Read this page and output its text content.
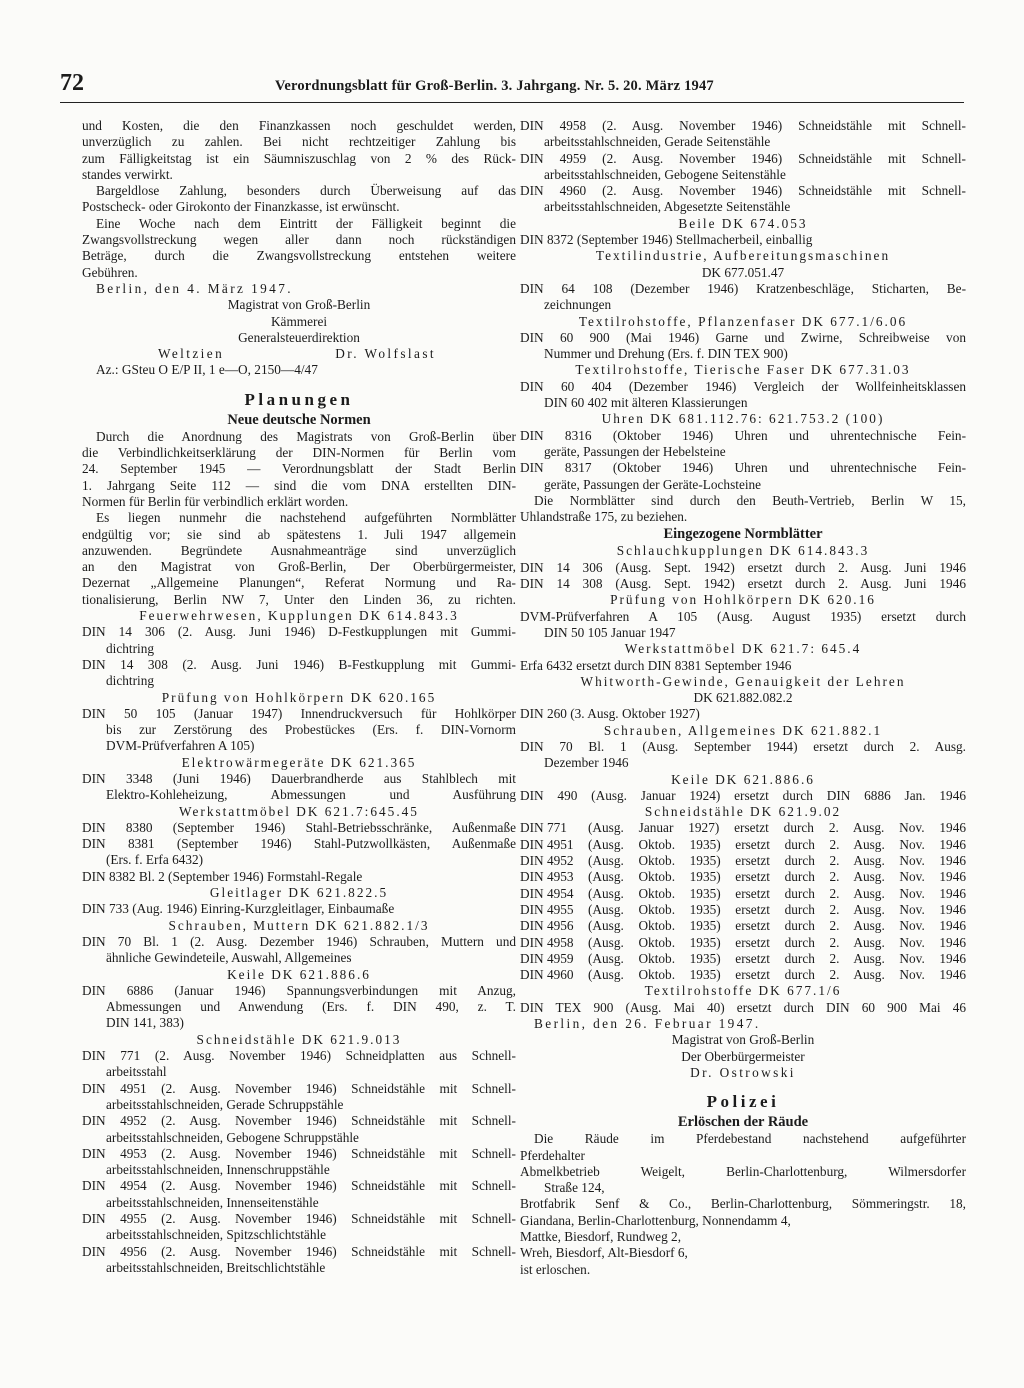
72	Verordnungsblatt für Groß-Berlin. 3. Jahrgang. Nr. 5. 20. März 1947
und Kosten, die den Finanzkassen noch geschuldet werden,
unverzüglich zu zahlen. Bei nicht rechtzeitiger Zahlung bis
zum Fälligkeitstag ist ein Säumniszuschlag von 2 % des Rück-
standes verwirkt.
Bargeldlose Zahlung, besonders durch Überweisung auf das
Postscheck- oder Girokonto der Finanzkasse, ist erwünscht.
Eine Woche nach dem Eintritt der Fälligkeit beginnt die
Zwangsvollstreckung wegen aller dann noch rückständigen
Beträge, durch die Zwangsvollstreckung entstehen weitere
Gebühren.
Berlin, den 4. März 1947.
Magistrat von Groß-Berlin
Kämmerei
Generalsteuerdirektion
Weltzien	Dr. Wolfslast
Az.: GSteu O E/P II, 1 e—O, 2150—4/47
Planungen
Neue deutsche Normen
Durch die Anordnung des Magistrats von Groß-Berlin über
die Verbindlichkeitserklärung der DIN-Normen für Berlin vom
24. September 1945 — Verordnungsblatt der Stadt Berlin
1. Jahrgang Seite 112 — sind die vom DNA erstellten DIN-
Normen für Berlin für verbindlich erklärt worden.
Es liegen nunmehr die nachstehend aufgeführten Normblätter
endgültig vor; sie sind ab spätestens 1. Juli 1947 allgemein
anzuwenden. Begründete Ausnahmeanträge sind unverzüglich
an den Magistrat von Groß-Berlin, Der Oberbürgermeister,
Dezernat „Allgemeine Planungen“, Referat Normung und Ra-
tionalisierung, Berlin NW 7, Unter den Linden 36, zu richten.
Feuerwehrwesen, Kupplungen DK 614.843.3
DIN 14 306 (2. Ausg. Juni 1946) D-Festkupplungen mit Gummi-
dichtring
DIN 14 308 (2. Ausg. Juni 1946) B-Festkupplung mit Gummi-
dichtring
Prüfung von Hohlkörpern DK 620.165
DIN 50 105 (Januar 1947) Innendruckversuch für Hohlkörper
bis zur Zerstörung des Probestückes (Ers. f. DIN-Vornorm
DVM-Prüfverfahren A 105)
Elektrowärmegeräte DK 621.365
DIN 3348 (Juni 1946) Dauerbrandherde aus Stahlblech mit
Elektro-Kohleheizung, Abmessungen und Ausführung
Werkstattmöbel DK 621.7:645.45
DIN 8380 (September 1946) Stahl-Betriebsschränke, Außenmaße
DIN 8381 (September 1946) Stahl-Putzwollkästen, Außenmaße
(Ers. f. Erfa 6432)
DIN 8382 Bl. 2 (September 1946) Formstahl-Regale
Gleitlager DK 621.822.5
DIN 733 (Aug. 1946) Einring-Kurzgleitlager, Einbaumaße
Schrauben, Muttern DK 621.882.1/3
DIN 70 Bl. 1 (2. Ausg. Dezember 1946) Schrauben, Muttern und
ähnliche Gewindeteile, Auswahl, Allgemeines
Keile DK 621.886.6
DIN 6886 (Januar 1946) Spannungsverbindungen mit Anzug,
Abmessungen und Anwendung (Ers. f. DIN 490, z. T.
DIN 141, 383)
Schneidstähle DK 621.9.013
DIN 771 (2. Ausg. November 1946) Schneidplatten aus Schnell-
arbeitsstahl
DIN 4951 (2. Ausg. November 1946) Schneidstähle mit Schnell-
arbeitsstahlschneiden, Gerade Schruppstähle
DIN 4952 (2. Ausg. November 1946) Schneidstähle mit Schnell-
arbeitsstahlschneiden, Gebogene Schruppstähle
DIN 4953 (2. Ausg. November 1946) Schneidstähle mit Schnell-
arbeitsstahlschneiden, Innenschruppstähle
DIN 4954 (2. Ausg. November 1946) Schneidstähle mit Schnell-
arbeitsstahlschneiden, Innenseitenstähle
DIN 4955 (2. Ausg. November 1946) Schneidstähle mit Schnell-
arbeitsstahlschneiden, Spitzschlichtstähle
DIN 4956 (2. Ausg. November 1946) Schneidstähle mit Schnell-
arbeitsstahlschneiden, Breitschlichtstähle
DIN 4958 (2. Ausg. November 1946) Schneidstähle mit Schnell-
arbeitsstahlschneiden, Gerade Seitenstähle
DIN 4959 (2. Ausg. November 1946) Schneidstähle mit Schnell-
arbeitsstahlschneiden, Gebogene Seitenstähle
DIN 4960 (2. Ausg. November 1946) Schneidstähle mit Schnell-
arbeitsstahlschneiden, Abgesetzte Seitenstähle
Beile DK 674.053
DIN 8372 (September 1946) Stellmacherbeil, einballig
Textilindustrie, Aufbereitungsmaschinen
DK 677.051.47
DIN 64 108 (Dezember 1946) Kratzenbeschläge, Sticharten, Be-
zeichnungen
Textilrohstoffe, Pflanzenfaser DK 677.1/6.06
DIN 60 900 (Mai 1946) Garne und Zwirne, Schreibweise von
Nummer und Drehung (Ers. f. DIN TEX 900)
Textilrohstoffe, Tierische Faser DK 677.31.03
DIN 60 404 (Dezember 1946) Vergleich der Wollfeinheitsklassen
DIN 60 402 mit älteren Klassierungen
Uhren DK 681.112.76: 621.753.2 (100)
DIN 8316 (Oktober 1946) Uhren und uhrentechnische Fein-
geräte, Passungen der Hebelsteine
DIN 8317 (Oktober 1946) Uhren und uhrentechnische Fein-
geräte, Passungen der Geräte-Lochsteine
Die Normblätter sind durch den Beuth-Vertrieb, Berlin W 15,
Uhlandstraße 175, zu beziehen.
Eingezogene Normblätter
Schlauchkupplungen DK 614.843.3
DIN 14 306 (Ausg. Sept. 1942) ersetzt durch 2. Ausg. Juni 1946
DIN 14 308 (Ausg. Sept. 1942) ersetzt durch 2. Ausg. Juni 1946
Prüfung von Hohlkörpern DK 620.16
DVM-Prüfverfahren A 105 (Ausg. August 1935) ersetzt durch
DIN 50 105 Januar 1947
Werkstattmöbel DK 621.7: 645.4
Erfa 6432 ersetzt durch DIN 8381 September 1946
Whitworth-Gewinde, Genauigkeit der Lehren
DK 621.882.082.2
DIN 260 (3. Ausg. Oktober 1927)
Schrauben, Allgemeines DK 621.882.1
DIN 70 Bl. 1 (Ausg. September 1944) ersetzt durch 2. Ausg.
Dezember 1946
Keile DK 621.886.6
DIN 490 (Ausg. Januar 1924) ersetzt durch DIN 6886 Jan. 1946
Schneidstähle DK 621.9.02
DIN 771	(Ausg. Januar 1927) ersetzt durch 2. Ausg. Nov. 1946
DIN 4951	(Ausg. Oktob. 1935) ersetzt durch 2. Ausg. Nov. 1946
DIN 4952	(Ausg. Oktob. 1935) ersetzt durch 2. Ausg. Nov. 1946
DIN 4953	(Ausg. Oktob. 1935) ersetzt durch 2. Ausg. Nov. 1946
DIN 4954	(Ausg. Oktob. 1935) ersetzt durch 2. Ausg. Nov. 1946
DIN 4955	(Ausg. Oktob. 1935) ersetzt durch 2. Ausg. Nov. 1946
DIN 4956	(Ausg. Oktob. 1935) ersetzt durch 2. Ausg. Nov. 1946
DIN 4958	(Ausg. Oktob. 1935) ersetzt durch 2. Ausg. Nov. 1946
DIN 4959	(Ausg. Oktob. 1935) ersetzt durch 2. Ausg. Nov. 1946
DIN 4960	(Ausg. Oktob. 1935) ersetzt durch 2. Ausg. Nov. 1946
Textilrohstoffe DK 677.1/6
DIN TEX 900 (Ausg. Mai 40) ersetzt durch DIN 60 900 Mai 46
Berlin, den 26. Februar 1947.
Magistrat von Groß-Berlin
Der Oberbürgermeister
Dr. Ostrowski
Polizei
Erlöschen der Räude
Die Räude im Pferdebestand nachstehend aufgeführter
Pferdehalter
Abmelkbetrieb Weigelt, Berlin-Charlottenburg, Wilmersdorfer
Straße 124,
Brotfabrik Senf & Co., Berlin-Charlottenburg, Sömmeringstr. 18,
Giandana, Berlin-Charlottenburg, Nonnendamm 4,
Mattke, Biesdorf, Rundweg 2,
Wreh, Biesdorf, Alt-Biesdorf 6,
ist erloschen.
